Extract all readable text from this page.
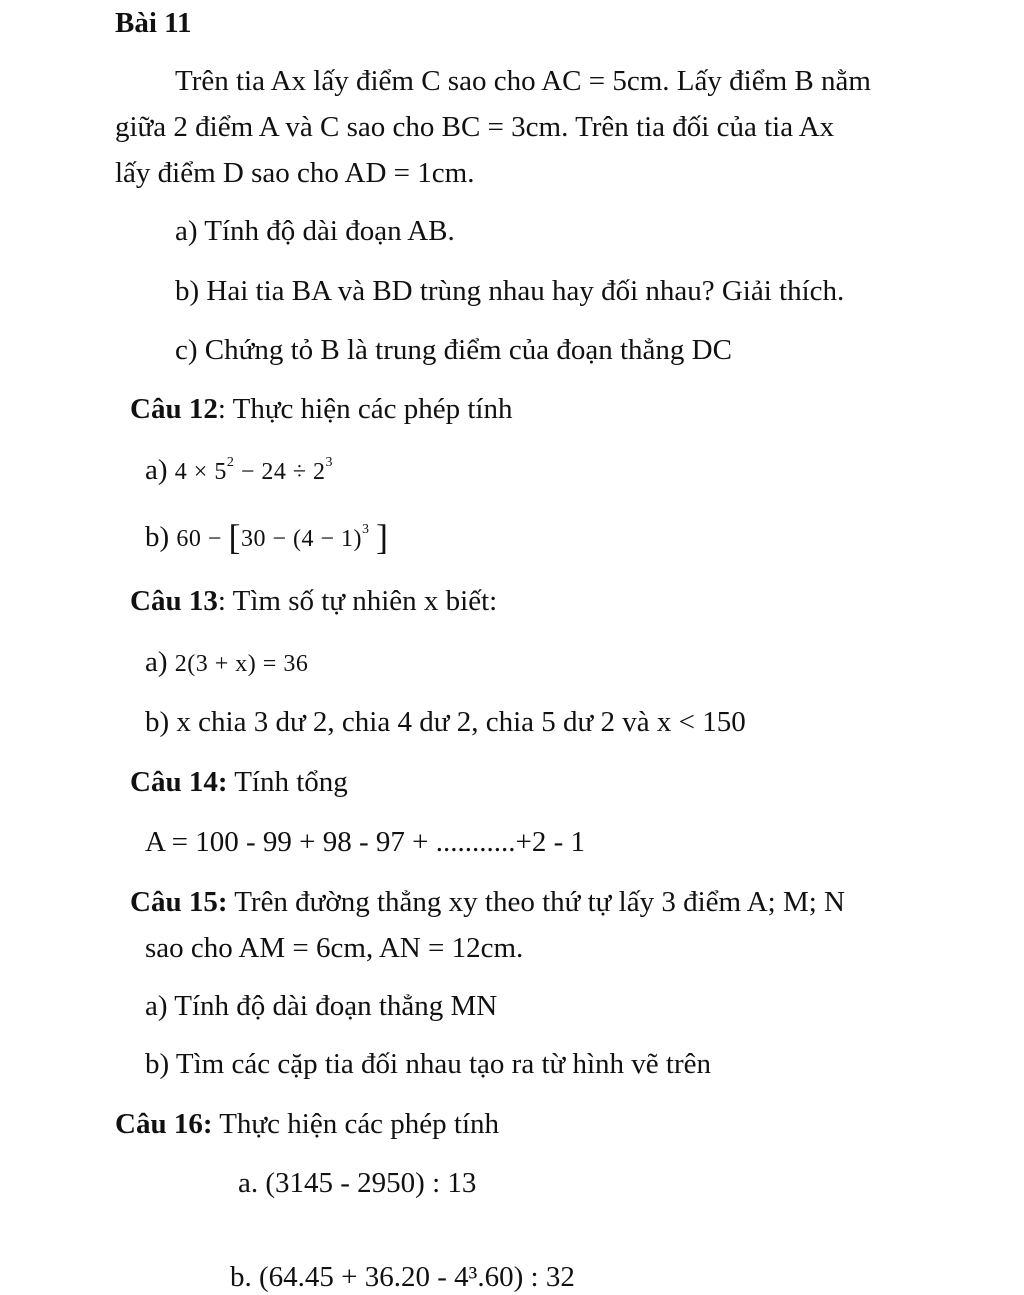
Bài 11
Trên tia Ax lấy điểm C sao cho AC = 5cm. Lấy điểm B nằm
giữa 2 điểm A và C sao cho BC = 3cm. Trên tia đối của tia Ax
lấy điểm D sao cho AD = 1cm.
a) Tính độ dài đoạn AB.
b) Hai tia BA và BD trùng nhau hay đối nhau? Giải thích.
c) Chứng tỏ B là trung điểm của đoạn thẳng DC
Câu 12: Thực hiện các phép tính
a) $4 \times 5^2 - 24 \div 2^3$
b) $60 - [30 - (4 - 1)^3$ ]
Câu 13: Tìm số tự nhiên x biết:
a) 2(3 + x) = 36
b) x chia 3 dư 2, chia 4 dư 2, chia 5 dư 2 và x < 150
Câu 14: Tính tổng
A = 100 - 99 + 98 - 97 + ...........+2 - 1
Câu 15: Trên đường thẳng xy theo thứ tự lấy 3 điểm A; M; N
sao cho AM = 6cm, AN = 12cm.
a) Tính độ dài đoạn thẳng MN
b) Tìm các cặp tia đối nhau tạo ra từ hình vẽ trên
Câu 16: Thực hiện các phép tính
a. (3145 - 2950) : 13
b. (64.45 + 36.20 - 4³.60) : 32
